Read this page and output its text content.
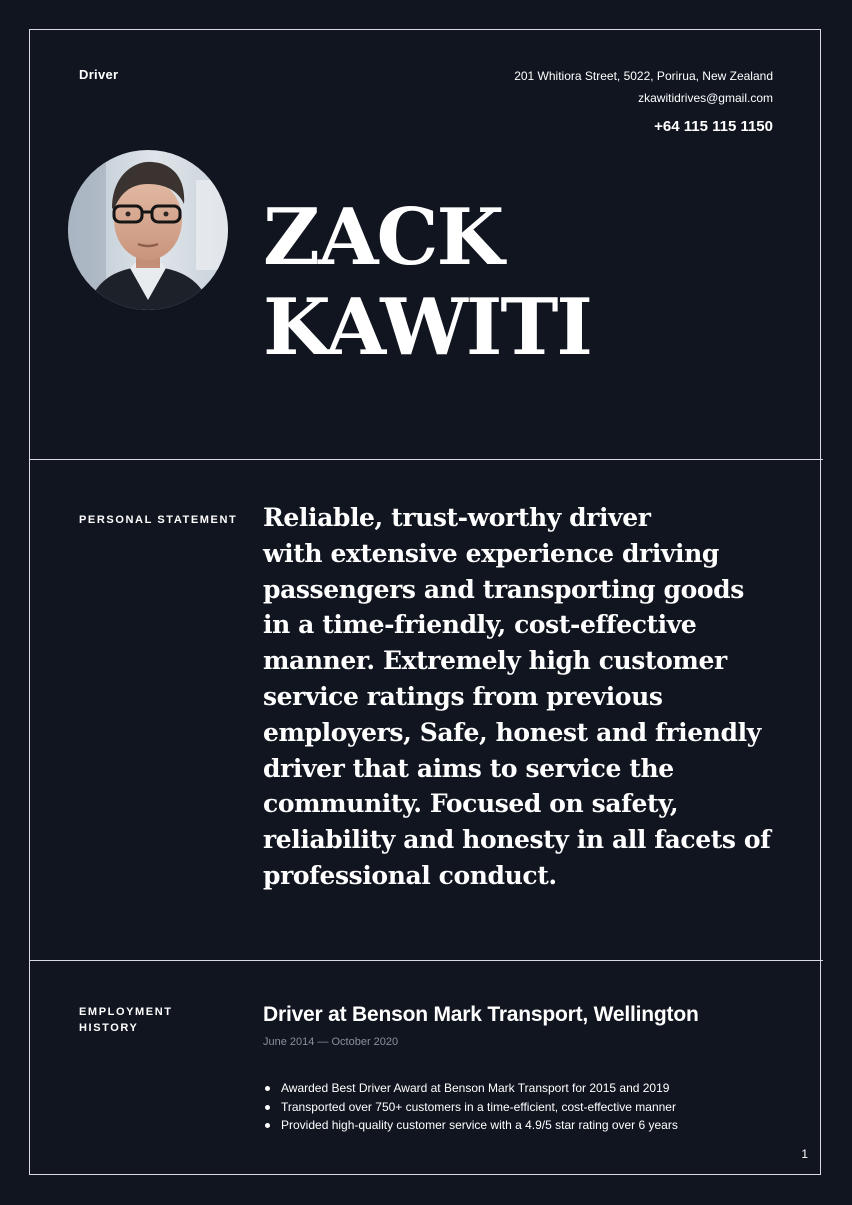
Driver	201 Whitiora Street, 5022, Porirua, New Zealand
zkawitidrives@gmail.com
+64 115 115 1150
ZACK
KAWITI
PERSONAL STATEMENT Reliable, trust-worthy driver
with extensive experience driving
passengers and transporting goods
in a time-friendly, cost-effective
manner. Extremely high customer
service ratings from previous
employers, Safe, honest and friendly
driver that aims to service the
community. Focused on safety,
reliability and honesty in all facets of
professional conduct.

EMPLOYMENT
HISTORY
Driver at Benson Mark Transport, Wellington
June 2014 — October 2020
Awarded Best Driver Award at Benson Mark Transport for 2015 and 2019
Transported over 750+ customers in a time-efficient, cost-effective manner
Provided high-quality customer service with a 4.9/5 star rating over 6 years
1
